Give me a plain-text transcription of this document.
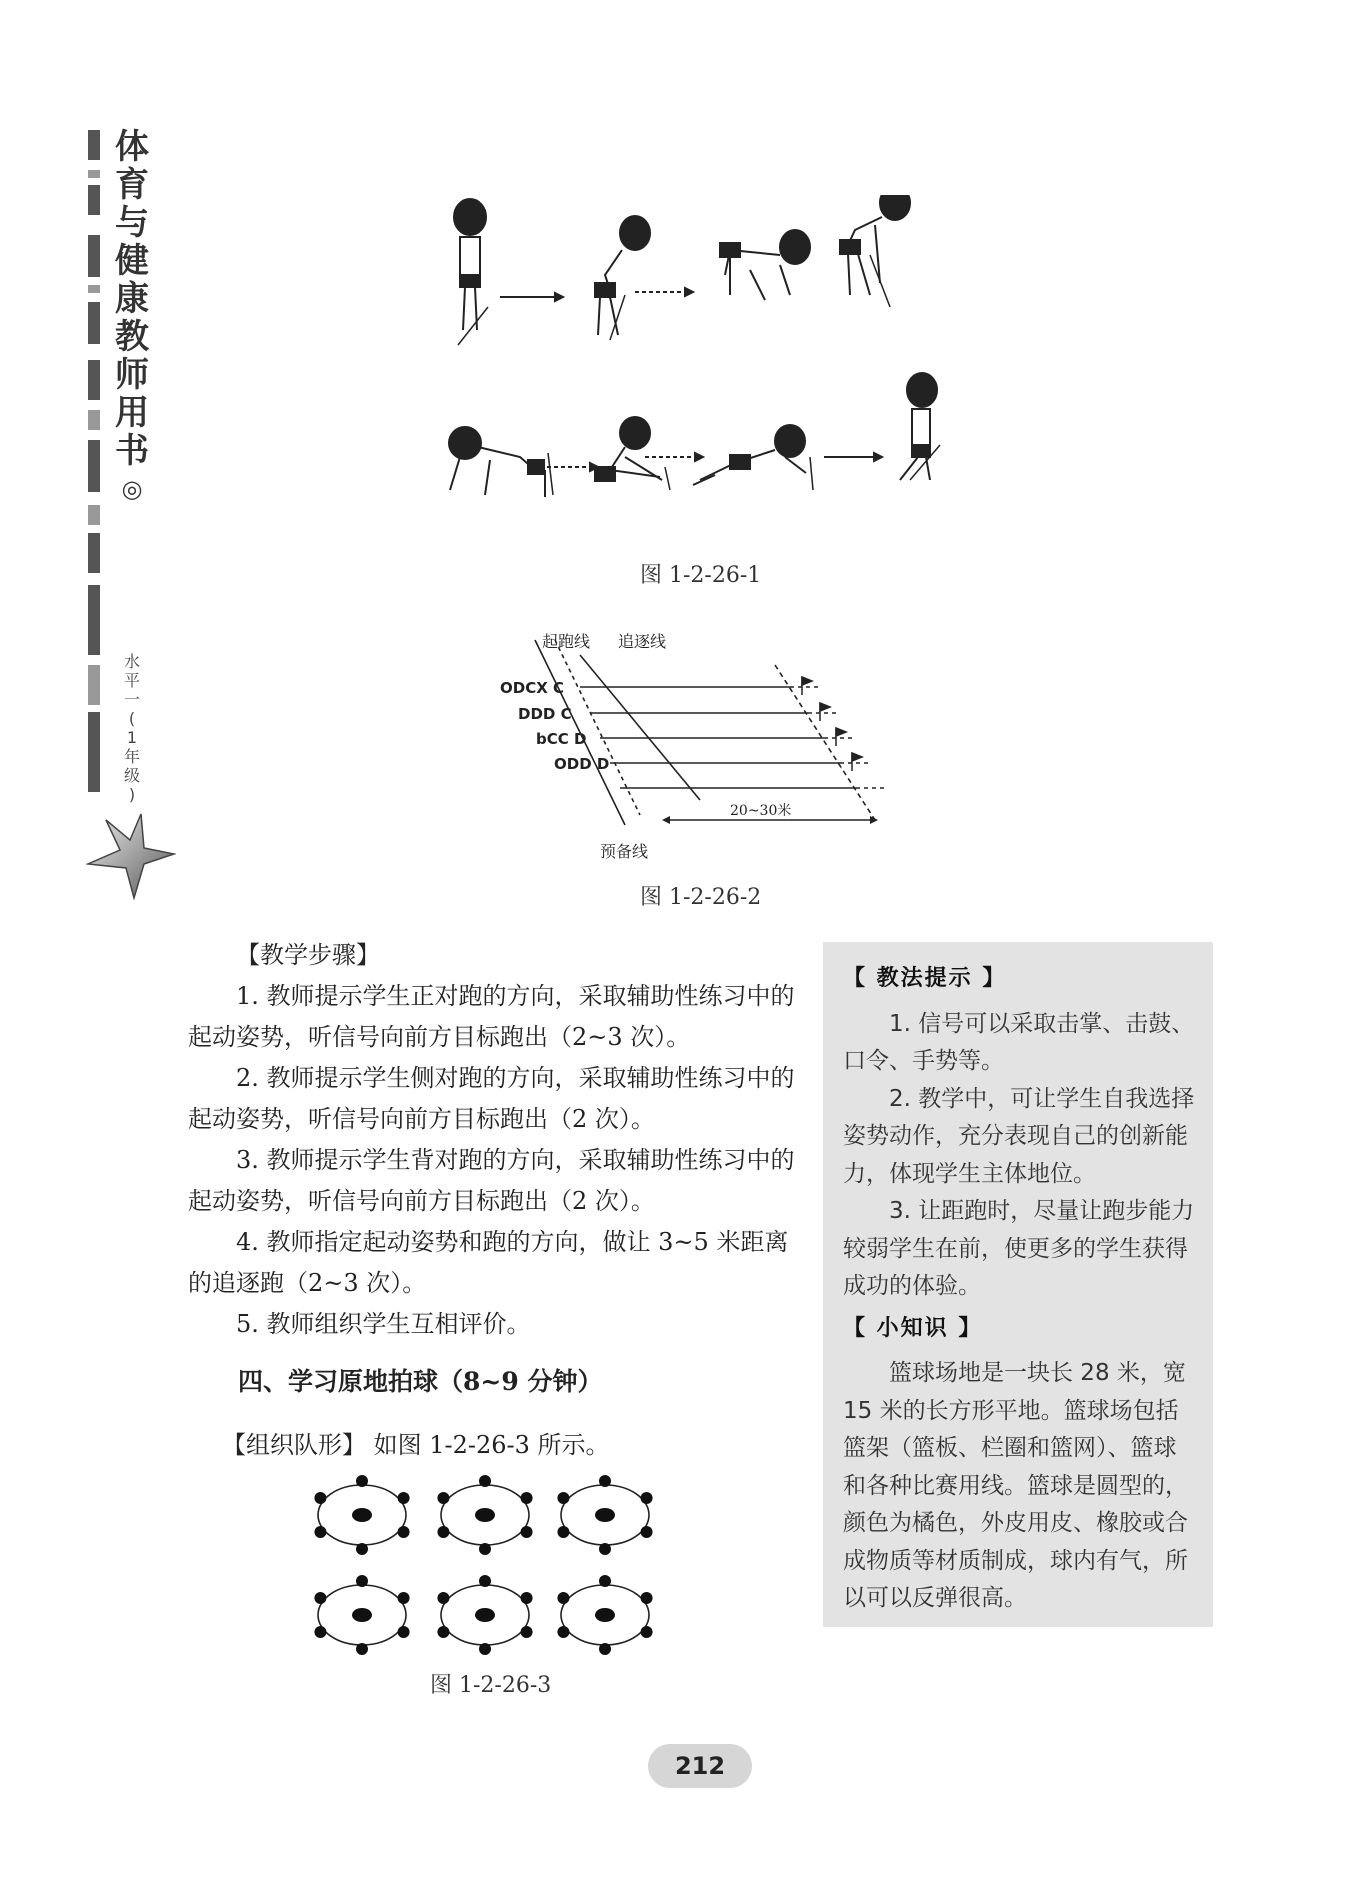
体
育
与
健
康
教
师
用
书
◎
水
平
一
(
1
年
级
)
图 1-2-26-1
ODCX C
DDD C
bCC D
ODD D
起跑线 追逐线
预备线
20~30米
图 1-2-26-2

【教学步骤】

1. 教师提示学生正对跑的方向，采取辅助性练习中的起动姿势，听信号向前方目标跑出（2~3 次）。

2. 教师提示学生侧对跑的方向，采取辅助性练习中的起动姿势，听信号向前方目标跑出（2 次）。

3. 教师提示学生背对跑的方向，采取辅助性练习中的起动姿势，听信号向前方目标跑出（2 次）。

4. 教师指定起动姿势和跑的方向，做让 3~5 米距离的追逐跑（2~3 次）。

5. 教师组织学生互相评价。

四、学习原地拍球（8~9 分钟）
【组织队形】 如图 1-2-26-3 所示。
图 1-2-26-3

【 教法提示 】

1. 信号可以采取击掌、击鼓、口令、手势等。

2. 教学中，可让学生自我选择姿势动作，充分表现自己的创新能力，体现学生主体地位。

3. 让距跑时，尽量让跑步能力较弱学生在前，使更多的学生获得成功的体验。

【 小知识 】

篮球场地是一块长 28 米，宽 15 米的长方形平地。篮球场包括篮架（篮板、栏圈和篮网）、篮球和各种比赛用线。篮球是圆型的，颜色为橘色，外皮用皮、橡胶或合成物质等材质制成，球内有气，所以可以反弹很高。

212
